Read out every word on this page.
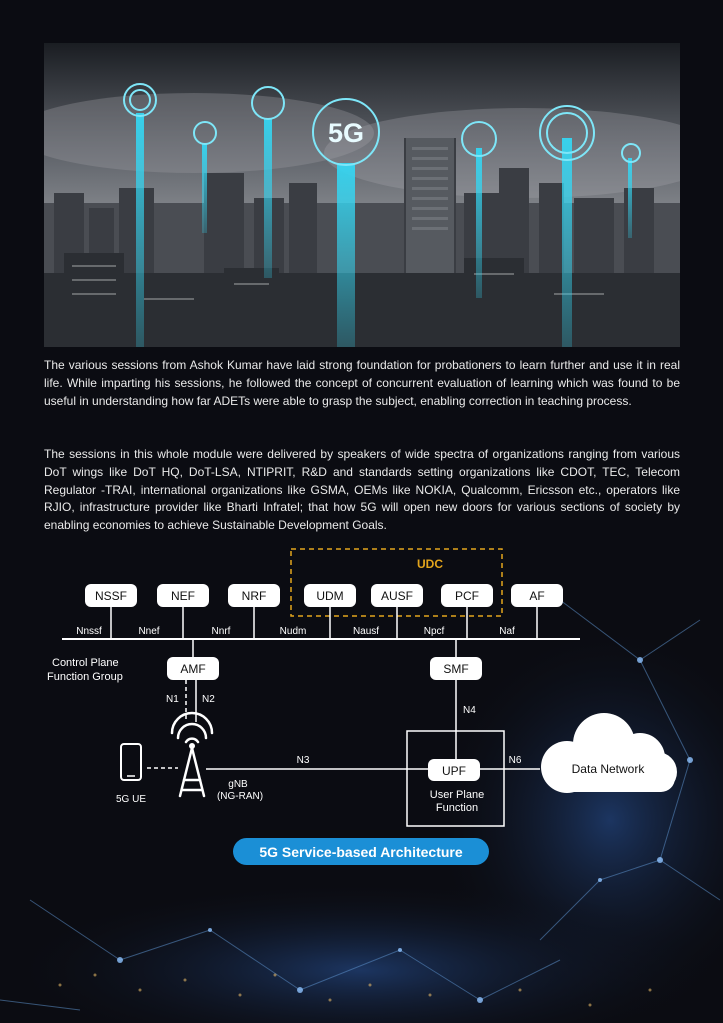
5G

The various sessions from Ashok Kumar have laid strong foundation for probationers to learn further and use it in real life. While imparting his sessions, he followed the concept of concurrent evaluation of learning which was found to be useful in understanding how far ADETs were able to grasp the subject, enabling correction in teaching process.

The sessions in this whole module were delivered by speakers of wide spectra of organizations ranging from various DoT wings like DoT HQ, DoT-LSA, NTIPRIT, R&D and standards setting organizations like CDOT, TEC, Telecom Regulator -TRAI, international organizations like GSMA, OEMs like NOKIA, Qualcomm, Ericsson etc., operators like RJIO, infrastructure provider like Bharti Infratel; that how 5G will open new doors for various sections of society by enabling economies to achieve Sustainable Development Goals.

UDC
NSSF	NEF	NRF	UDM	AUSF	PCF	AF
Nnssf	Nnef	Nnrf	Nudm	Nausf	Npcf	Naf
Control Plane
Function Group
AMF	SMF
N1 N2
N4
gNB
(NG-RAN)
5G UE
N3
UPF
User Plane
Function
N6
Data Network
5G Service-based Architecture
